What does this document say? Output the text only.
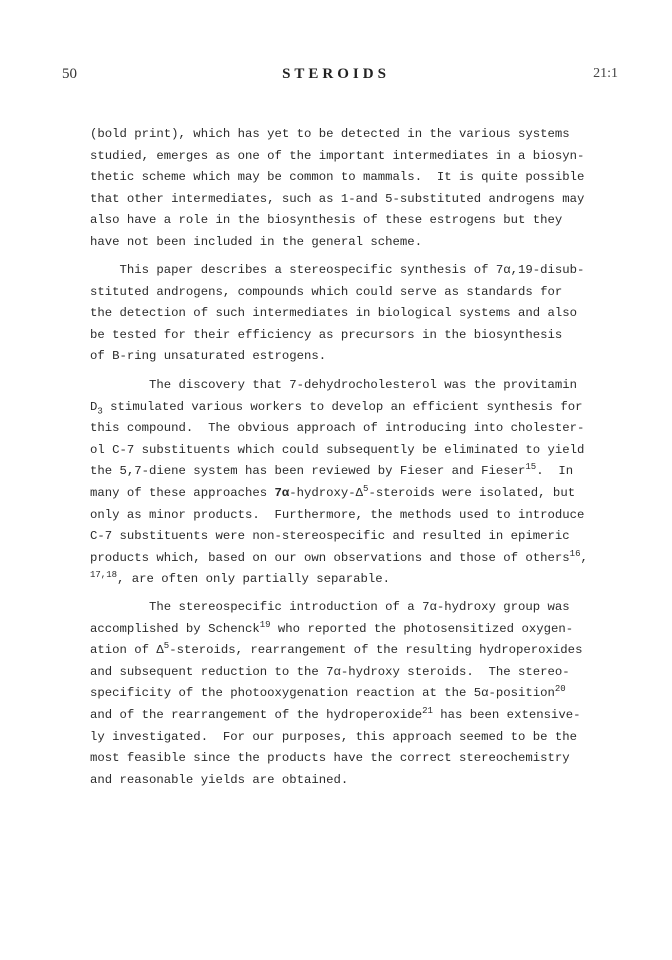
50	STEROIDS	21:1
(bold print), which has yet to be detected in the various systems
studied, emerges as one of the important intermediates in a biosyn-
thetic scheme which may be common to mammals.  It is quite possible
that other intermediates, such as 1-and 5-substituted androgens may
also have a role in the biosynthesis of these estrogens but they
have not been included in the general scheme.
This paper describes a stereospecific synthesis of 7α,19-disub-
stituted androgens, compounds which could serve as standards for
the detection of such intermediates in biological systems and also
be tested for their efficiency as precursors in the biosynthesis
of B-ring unsaturated estrogens.
The discovery that 7-dehydrocholesterol was the provitamin
$D_3$ stimulated various workers to develop an efficient synthesis for
this compound.  The obvious approach of introducing into cholester-
ol C-7 substituents which could subsequently be eliminated to yield
the 5,7-diene system has been reviewed by Fieser and Fieser$^{15}$.  In
many of these approaches $7\alpha-hydroxy-\Delta^5$-steroids were isolated, but
only as minor products.  Furthermore, the methods used to introduce
C-7 substituents were non-stereospecific and resulted in epimeric
products which, based on our own observations and those of others$^{16}$,
$^{17,18}$, are often only partially separable.
The stereospecific introduction of a 7α-hydroxy group was
accomplished by Schenck$^{19}$ who reported the photosensitized oxygen-
ation of $\Delta^5$-steroids, rearrangement of the resulting hydroperoxides
and subsequent reduction to the 7α-hydroxy steroids.  The stereo-
specificity of the photooxygenation reaction at the 5α-position$^{20}$
and of the rearrangement of the hydroperoxide$^{21}$ has been extensive-
ly investigated.  For our purposes, this approach seemed to be the
most feasible since the products have the correct stereochemistry
and reasonable yields are obtained.
